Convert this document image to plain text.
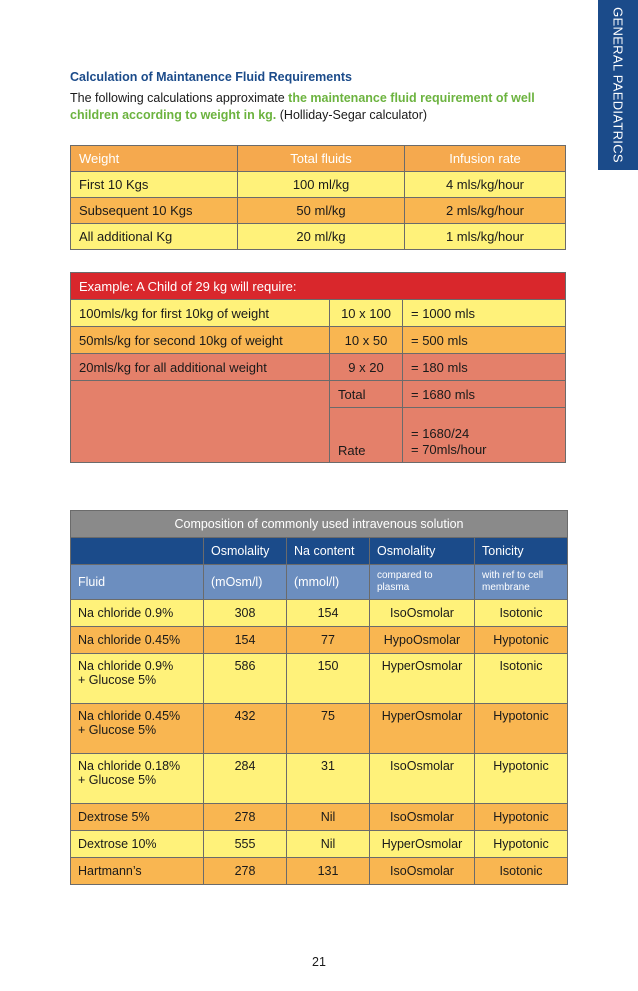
GENERAL PAEDIATRICS
Calculation of Maintanence Fluid Requirements
The following calculations approximate the maintenance fluid requirement of well children according to weight in kg. (Holliday-Segar calculator)
Weight	Total fluids	Infusion rate
First 10 Kgs	100 ml/kg	4 mls/kg/hour
Subsequent 10 Kgs	50 ml/kg	2 mls/kg/hour
All additional Kg	20 ml/kg	1 mls/kg/hour
Example: A Child of 29 kg will require:		
100mls/kg for first 10kg of weight	10 x 100	= 1000 mls
50mls/kg for second 10kg of weight	10 x 50	= 500 mls
20mls/kg for all additional weight	9 x 20	= 180 mls
	Total	= 1680 mls
	Rate	= 1680/24
= 70mls/hour
Composition of commonly used intravenous solution				
	Osmolality	Na content	Osmolality	Tonicity
Fluid	(mOsm/l)	(mmol/l)	compared to plasma	with ref to cell membrane
Na chloride 0.9%	308	154	IsoOsmolar	Isotonic
Na chloride 0.45%	154	77	HypoOsmolar	Hypotonic

Na chloride 0.9%
+ Glucose 5%	586	150	HyperOsmolar	Isotonic

Na chloride 0.45%
+ Glucose 5%	432	75	HyperOsmolar	Hypotonic

Na chloride 0.18%
+ Glucose 5%	284	31	IsoOsmolar	Hypotonic
Dextrose 5%	278	Nil	IsoOsmolar	Hypotonic
Dextrose 10%	555	Nil	HyperOsmolar	Hypotonic
Hartmann’s	278	131	IsoOsmolar	Isotonic
21
